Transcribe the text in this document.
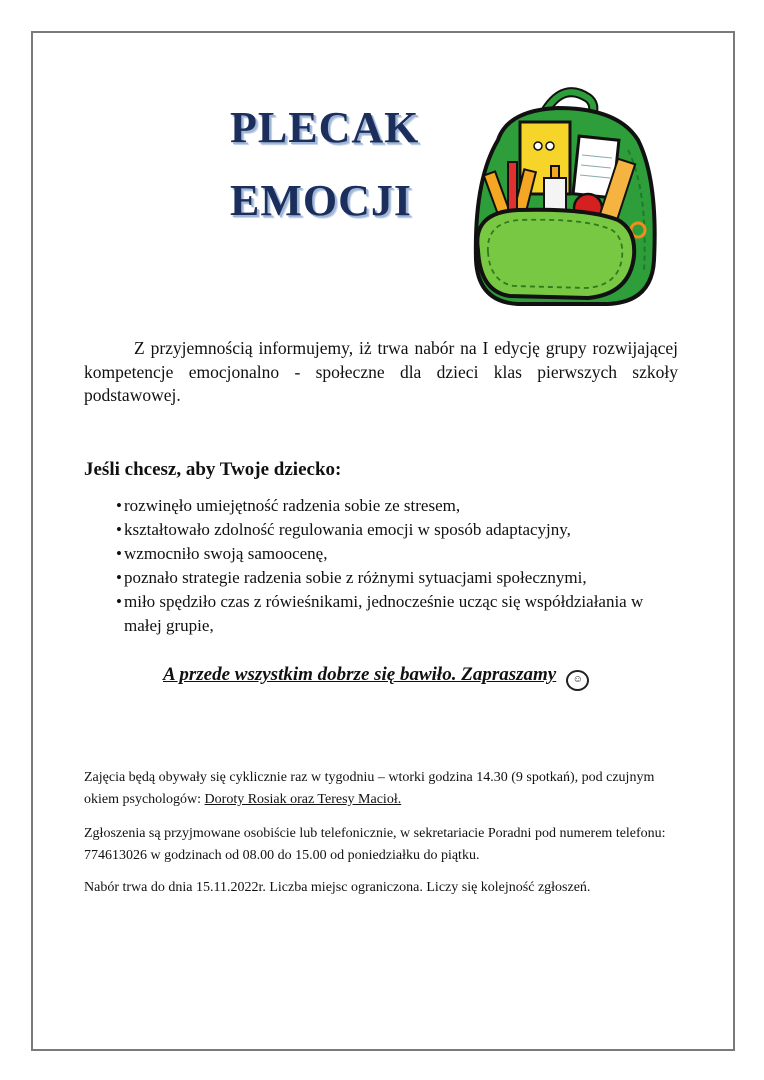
PLECAK
EMOCJI

Z przyjemnością informujemy, iż trwa nabór na I edycję grupy rozwijającej kompetencje emocjonalno - społeczne dla dzieci klas pierwszych szkoły podstawowej.

Jeśli chcesz, aby Twoje dziecko:

rozwinęło umiejętność radzenia sobie ze stresem,
kształtowało zdolność regulowania emocji w sposób adaptacyjny,
wzmocniło swoją samoocenę,
poznało strategie radzenia sobie z różnymi sytuacjami społecznymi,
miło spędziło czas z rówieśnikami, jednocześnie ucząc się współdziałania w małej grupie,
A przede wszystkim dobrze się bawiło. Zapraszamy ☺

Zajęcia będą obywały się cyklicznie raz w tygodniu – wtorki godzina 14.30 (9 spotkań), pod czujnym okiem psychologów: Doroty Rosiak oraz Teresy Macioł.

Zgłoszenia są przyjmowane osobiście lub telefonicznie, w sekretariacie Poradni pod numerem telefonu: 774613026 w godzinach od 08.00 do 15.00 od poniedziałku do piątku.

Nabór trwa do dnia 15.11.2022r. Liczba miejsc ograniczona. Liczy się kolejność zgłoszeń.
